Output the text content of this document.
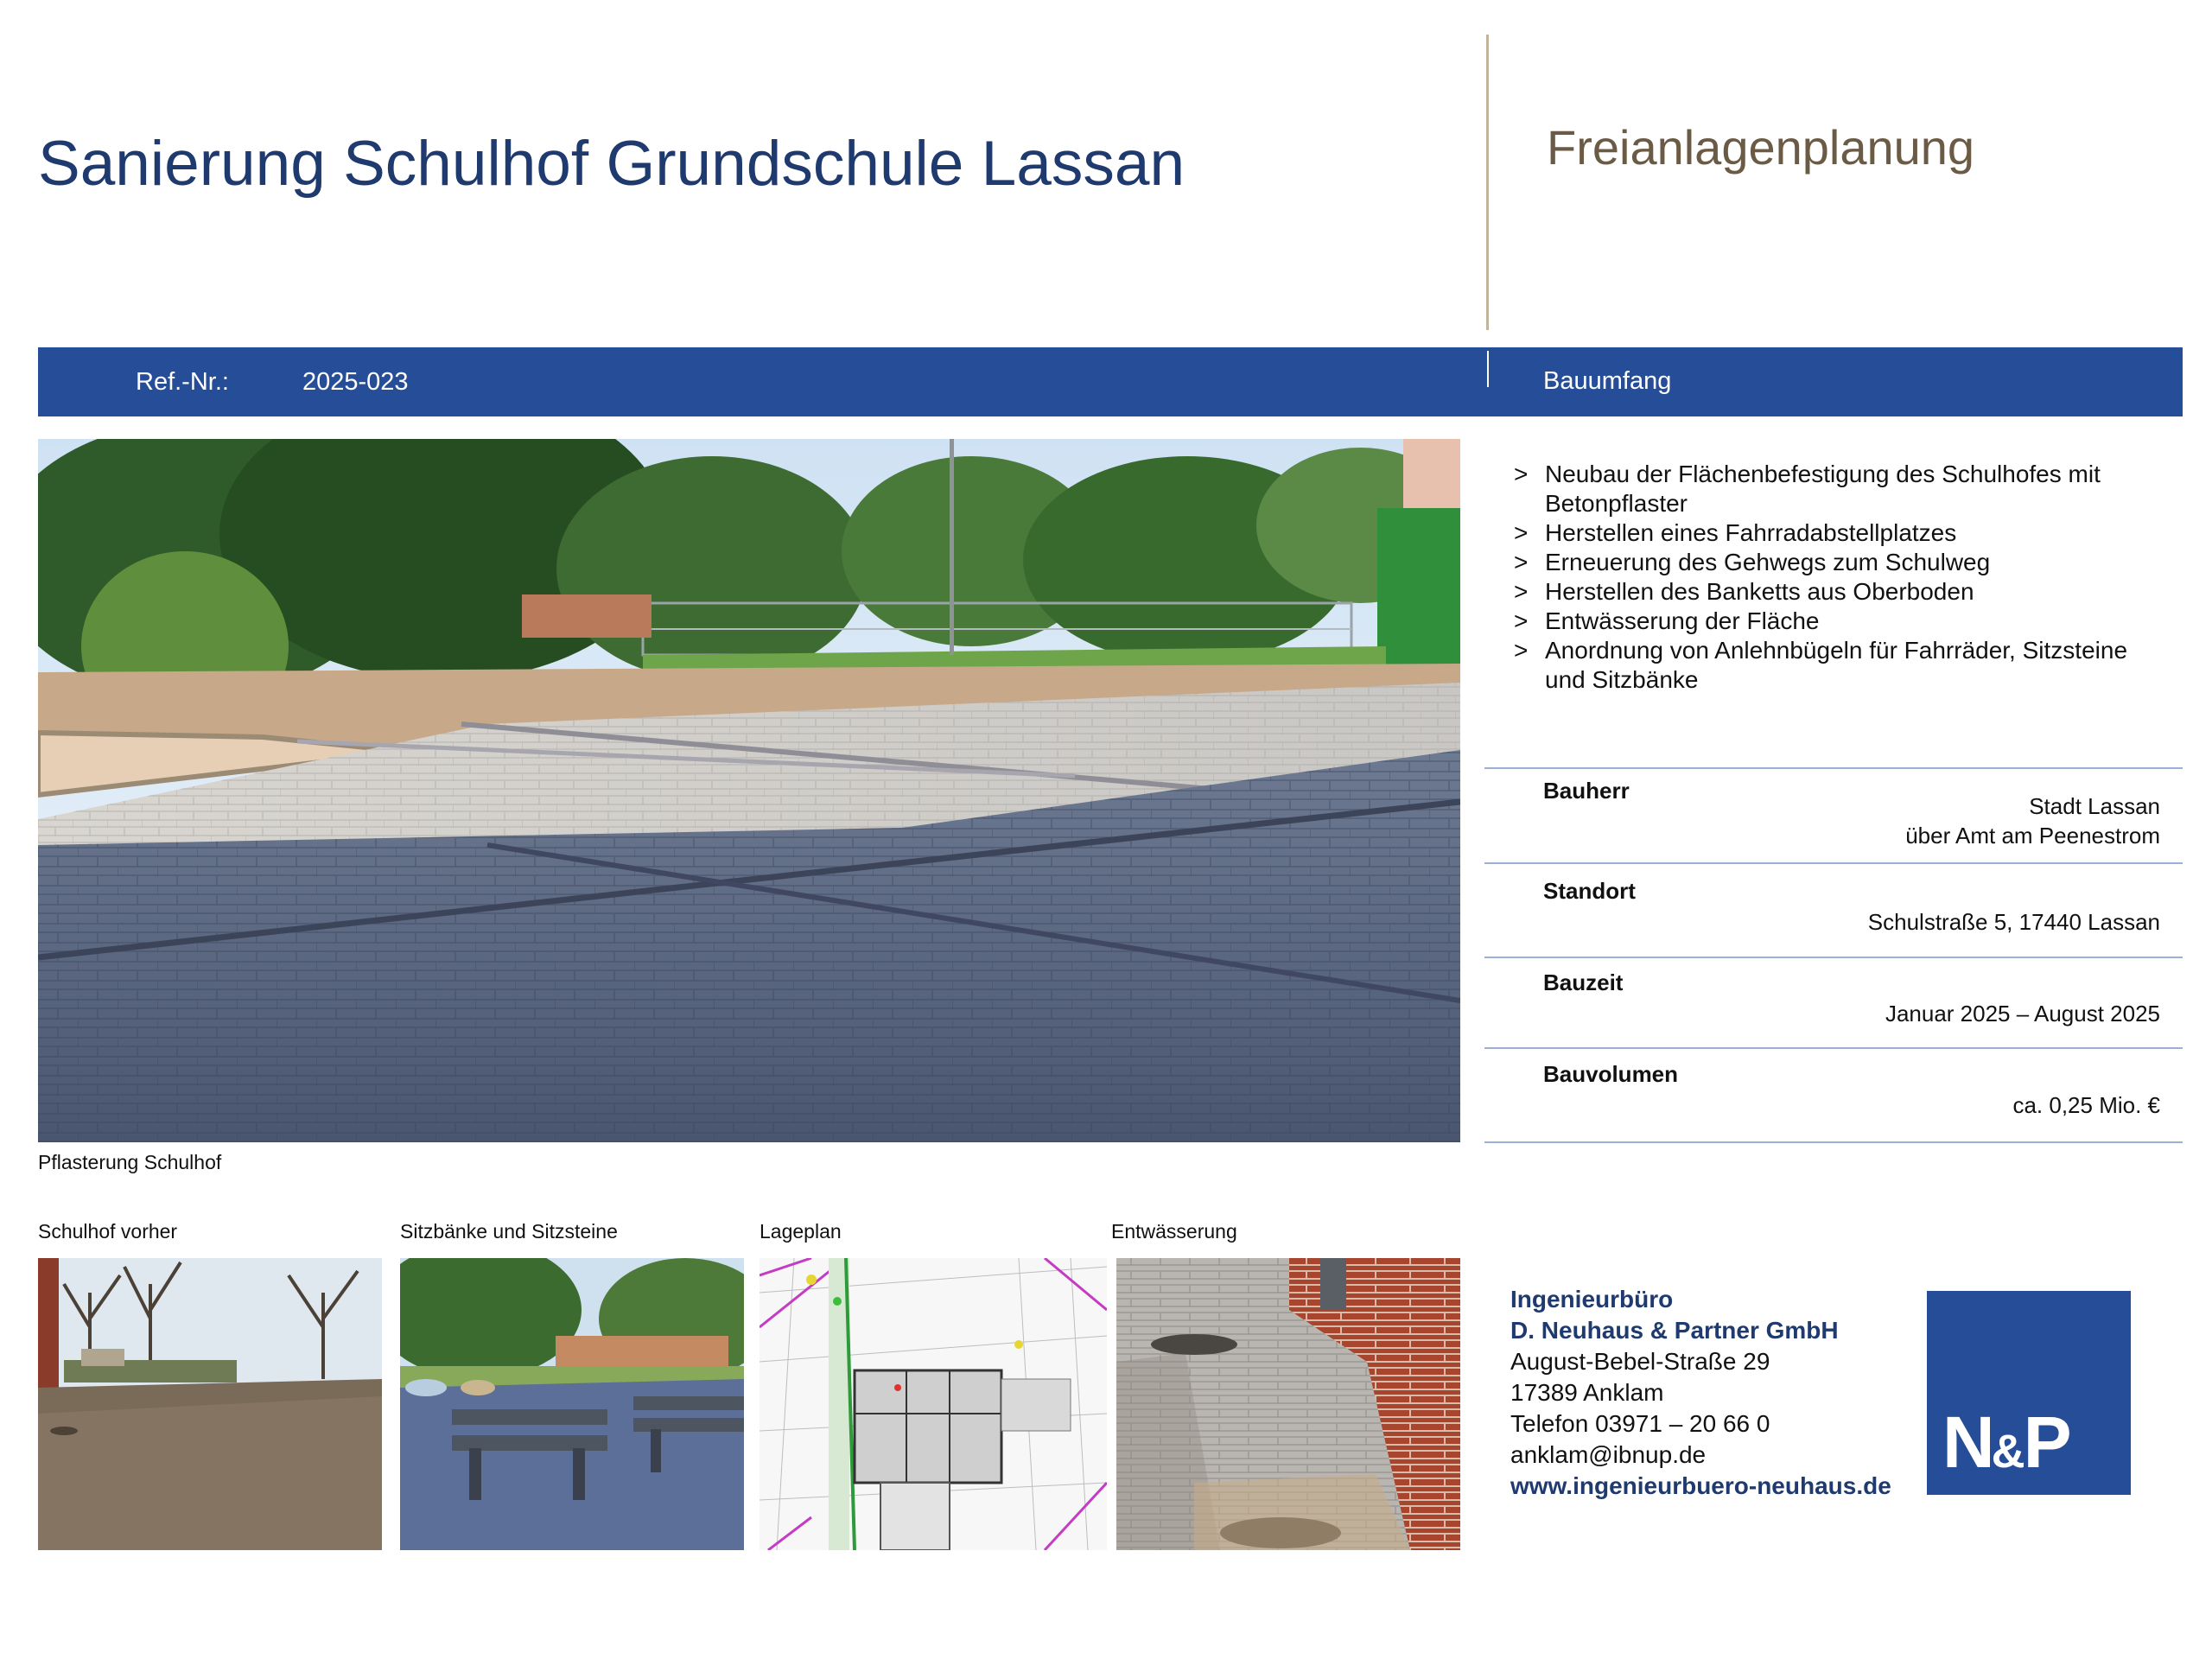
Sanierung Schulhof Grundschule Lassan	Freianlagenplanung
Ref.-Nr.:	2025-023	Bauumfang
Pflasterung Schulhof
> Neubau der Flächenbefestigung des Schulhofes mit Betonpflaster
> Herstellen eines Fahrradabstellplatzes
> Erneuerung des Gehwegs zum Schulweg
> Herstellen des Banketts aus Oberboden
> Entwässerung der Fläche
> Anordnung von Anlehnbügeln für Fahrräder, Sitzsteine und Sitzbänke
Bauherr
Stadt Lassan
über Amt am Peenestrom
Standort
Schulstraße 5, 17440 Lassan
Bauzeit
Januar 2025 – August 2025
Bauvolumen
ca. 0,25 Mio. €
Schulhof vorher	Sitzbänke und Sitzsteine	Lageplan	Entwässerung
Ingenieurbüro
D. Neuhaus & Partner GmbH
August-Bebel-Straße 29
17389 Anklam
Telefon 03971 – 20 66 0
anklam@ibnup.de
www.ingenieurbuero-neuhaus.de
N&P
